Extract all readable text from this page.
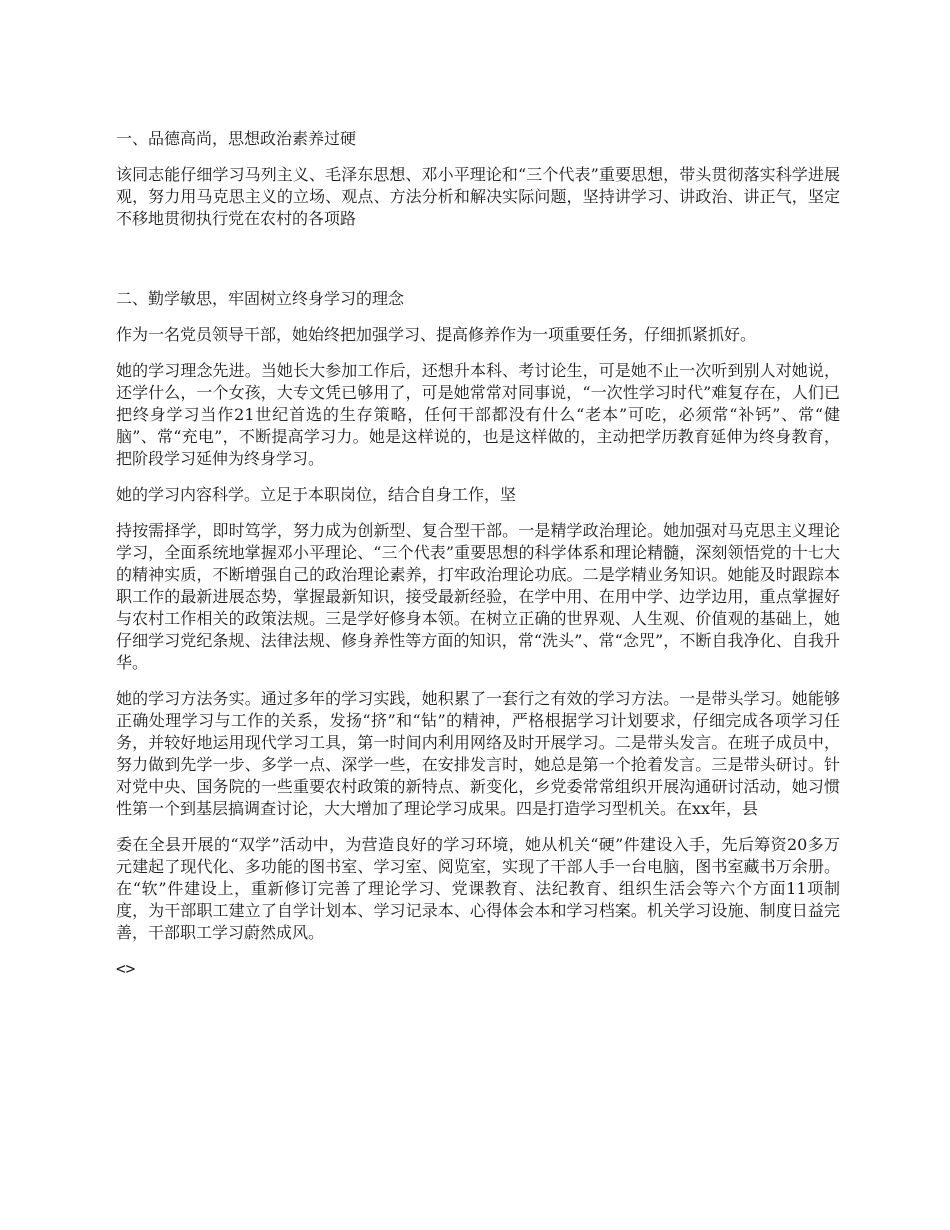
一、品德高尚，思想政治素养过硬

该同志能仔细学习马列主义、毛泽东思想、邓小平理论和“三个代表”重要思想，带头贯彻落实科学进展观，努力用马克思主义的立场、观点、方法分析和解决实际问题，坚持讲学习、讲政治、讲正气，坚定不移地贯彻执行党在农村的各项路

二、勤学敏思，牢固树立终身学习的理念

作为一名党员领导干部，她始终把加强学习、提高修养作为一项重要任务，仔细抓紧抓好。

她的学习理念先进。当她长大参加工作后，还想升本科、考讨论生，可是她不止一次听到别人对她说，还学什么，一个女孩，大专文凭已够用了，可是她常常对同事说，“一次性学习时代”难复存在，人们已把终身学习当作21世纪首选的生存策略，任何干部都没有什么“老本”可吃，必须常“补钙”、常“健脑”、常“充电”，不断提高学习力。她是这样说的，也是这样做的，主动把学历教育延伸为终身教育，把阶段学习延伸为终身学习。

她的学习内容科学。立足于本职岗位，结合自身工作，坚

持按需择学，即时笃学，努力成为创新型、复合型干部。一是精学政治理论。她加强对马克思主义理论学习，全面系统地掌握邓小平理论、“三个代表”重要思想的科学体系和理论精髓，深刻领悟党的十七大的精神实质，不断增强自己的政治理论素养，打牢政治理论功底。二是学精业务知识。她能及时跟踪本职工作的最新进展态势，掌握最新知识，接受最新经验，在学中用、在用中学、边学边用，重点掌握好与农村工作相关的政策法规。三是学好修身本领。在树立正确的世界观、人生观、价值观的基础上，她仔细学习党纪条规、法律法规、修身养性等方面的知识，常“洗头”、常“念咒”，不断自我净化、自我升华。

她的学习方法务实。通过多年的学习实践，她积累了一套行之有效的学习方法。一是带头学习。她能够正确处理学习与工作的关系，发扬“挤”和“钻”的精神，严格根据学习计划要求，仔细完成各项学习任务，并较好地运用现代学习工具，第一时间内利用网络及时开展学习。二是带头发言。在班子成员中，努力做到先学一步、多学一点、深学一些，在安排发言时，她总是第一个抢着发言。三是带头研讨。针对党中央、国务院的一些重要农村政策的新特点、新变化，乡党委常常组织开展沟通研讨活动，她习惯性第一个到基层搞调查讨论，大大增加了理论学习成果。四是打造学习型机关。在xx年，县

委在全县开展的“双学”活动中，为营造良好的学习环境，她从机关“硬”件建设入手，先后筹资20多万元建起了现代化、多功能的图书室、学习室、阅览室，实现了干部人手一台电脑，图书室藏书万余册。在“软”件建设上，重新修订完善了理论学习、党课教育、法纪教育、组织生活会等六个方面11项制度，为干部职工建立了自学计划本、学习记录本、心得体会本和学习档案。机关学习设施、制度日益完善，干部职工学习蔚然成风。

<>
